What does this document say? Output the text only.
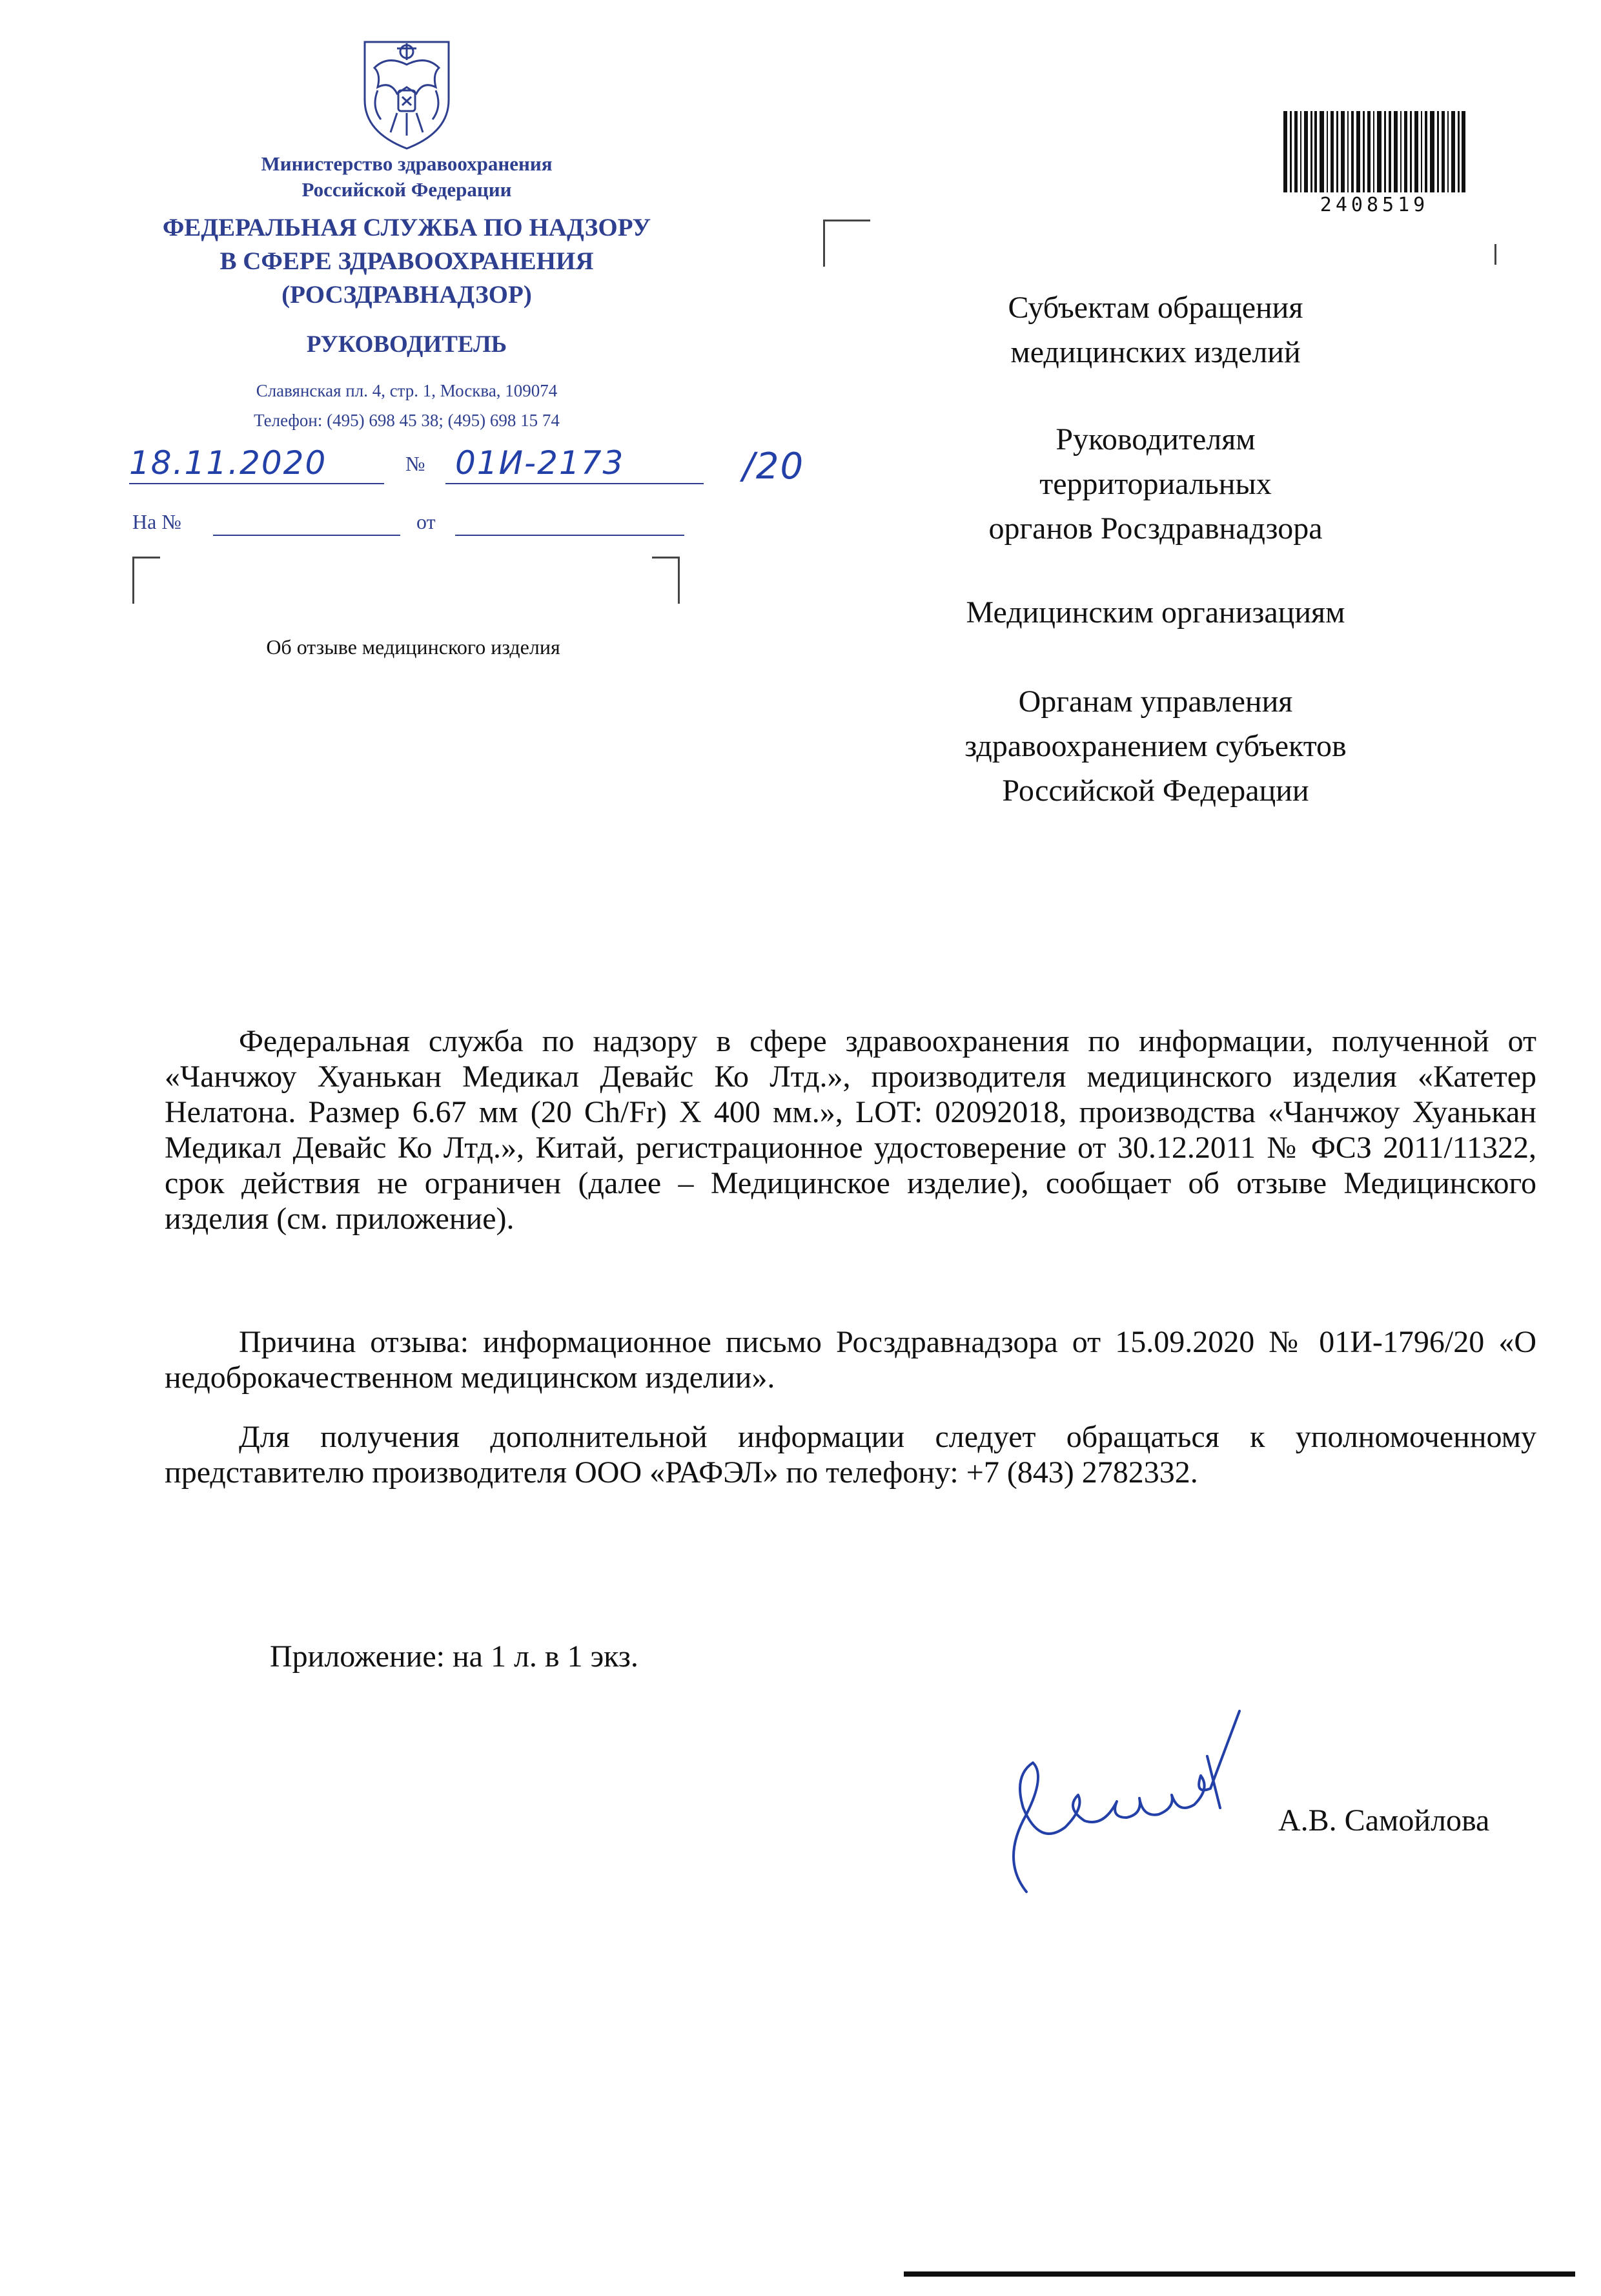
Министерство здравоохранения
Российской Федерации
ФЕДЕРАЛЬНАЯ СЛУЖБА ПО НАДЗОРУ
В СФЕРЕ ЗДРАВООХРАНЕНИЯ
(РОСЗДРАВНАДЗОР)
РУКОВОДИТЕЛЬ
Славянская пл. 4, стр. 1, Москва, 109074
Телефон: (495) 698 45 38; (495) 698 15 74
18.11.2020	№ 01И-2173	/20
На №	от
Об отзыве медицинского изделия
2408519
Субъектам обращения
медицинских изделий
Руководителям
территориальных
органов Росздравнадзора
Медицинским организациям
Органам управления
здравоохранением субъектов
Российской Федерации
Федеральная служба по надзору в сфере здравоохранения по информации, полученной от «Чанчжоу Хуанькан Медикал Девайс Ко Лтд.», производителя медицинского изделия «Катетер Нелатона. Размер 6.67 мм (20 Ch/Fr) X 400 мм.», LOT: 02092018, производства «Чанчжоу Хуанькан Медикал Девайс Ко Лтд.», Китай, регистрационное удостоверение от 30.12.2011 № ФСЗ 2011/11322, срок действия не ограничен (далее – Медицинское изделие), сообщает об отзыве Медицинского изделия (см. приложение).
Причина отзыва: информационное письмо Росздравнадзора от 15.09.2020 № 01И-1796/20 «О недоброкачественном медицинском изделии».
Для получения дополнительной информации следует обращаться к уполномоченному представителю производителя ООО «РАФЭЛ» по телефону: +7 (843) 2782332.
Приложение: на 1 л. в 1 экз.
А.В. Самойлова
